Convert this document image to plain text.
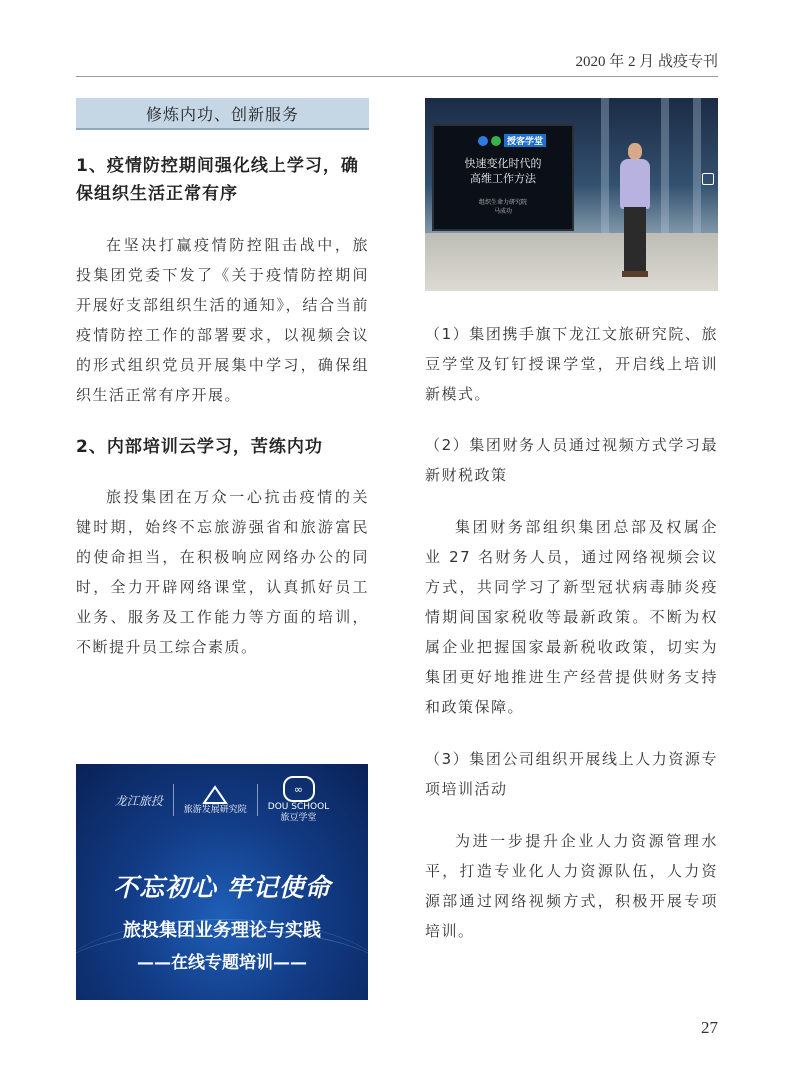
2020 年 2 月 战疫专刊
修炼内功、创新服务

1、疫情防控期间强化线上学习，确保组织生活正常有序

在坚决打赢疫情防控阻击战中，旅投集团党委下发了《关于疫情防控期间开展好支部组织生活的通知》，结合当前疫情防控工作的部署要求，以视频会议的形式组织党员开展集中学习，确保组织生活正常有序开展。

2、内部培训云学习，苦练内功

旅投集团在万众一心抗击疫情的关键时期，始终不忘旅游强省和旅游富民的使命担当，在积极响应网络办公的同时，全力开辟网络课堂，认真抓好员工业务、服务及工作能力等方面的培训，不断提升员工综合素质。

龙江旅投
旅游发展研究院
∞
DOU SCHOOL
旅豆学堂
不忘初心 牢记使命
旅投集团业务理论与实践
——在线专题培训——
授客学堂
快速变化时代的
高维工作方法
组织生命力研究院
马成功

（1）集团携手旗下龙江文旅研究院、旅豆学堂及钉钉授课学堂，开启线上培训新模式。

（2）集团财务人员通过视频方式学习最新财税政策

集团财务部组织集团总部及权属企业 27 名财务人员，通过网络视频会议方式，共同学习了新型冠状病毒肺炎疫情期间国家税收等最新政策。不断为权属企业把握国家最新税收政策，切实为集团更好地推进生产经营提供财务支持和政策保障。

（3）集团公司组织开展线上人力资源专项培训活动

为进一步提升企业人力资源管理水平，打造专业化人力资源队伍，人力资源部通过网络视频方式，积极开展专项培训。

27
